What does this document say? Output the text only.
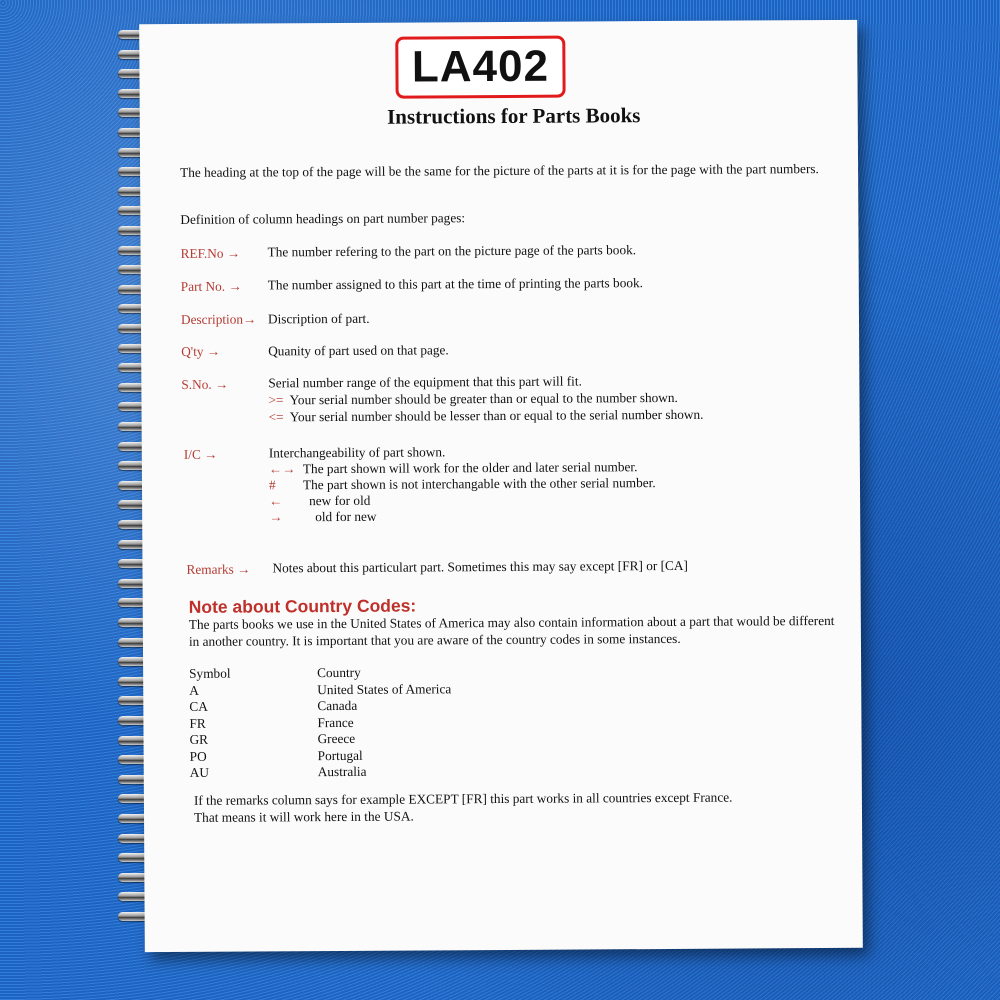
LA402
Instructions for Parts Books
The heading at the top of the page will be the same for the picture of the parts at it is for the page with the part numbers.
Definition of column headings on part number pages:
REF.No → The number refering to the part on the picture page of the parts book.
Part No. → The number assigned to this part at the time of printing the parts book.
Description→ Discription of part.
Q'ty →	Quanity of part used on that page.
S.No. →	Serial number range of the equipment that this part will fit.
>= Your serial number should be greater than or equal to the number shown.
<= Your serial number should be lesser than or equal to the serial number shown.
I/C →	Interchangeability of part shown.
←→ The part shown will work for the older and later serial number.
# The part shown is not interchangable with the other serial number.
← new for old
→ old for new
Remarks → Notes about this particulart part. Sometimes this may say except [FR] or [CA]
Note about Country Codes:
The parts books we use in the United States of America may also contain information about a part that would be different in another country. It is important that you are aware of the country codes in some instances.
Symbol	Country
A	United States of America
CA	Canada
FR	France
GR	Greece
PO	Portugal
AU	Australia
If the remarks column says for example EXCEPT [FR] this part works in all countries except France.
That means it will work here in the USA.
